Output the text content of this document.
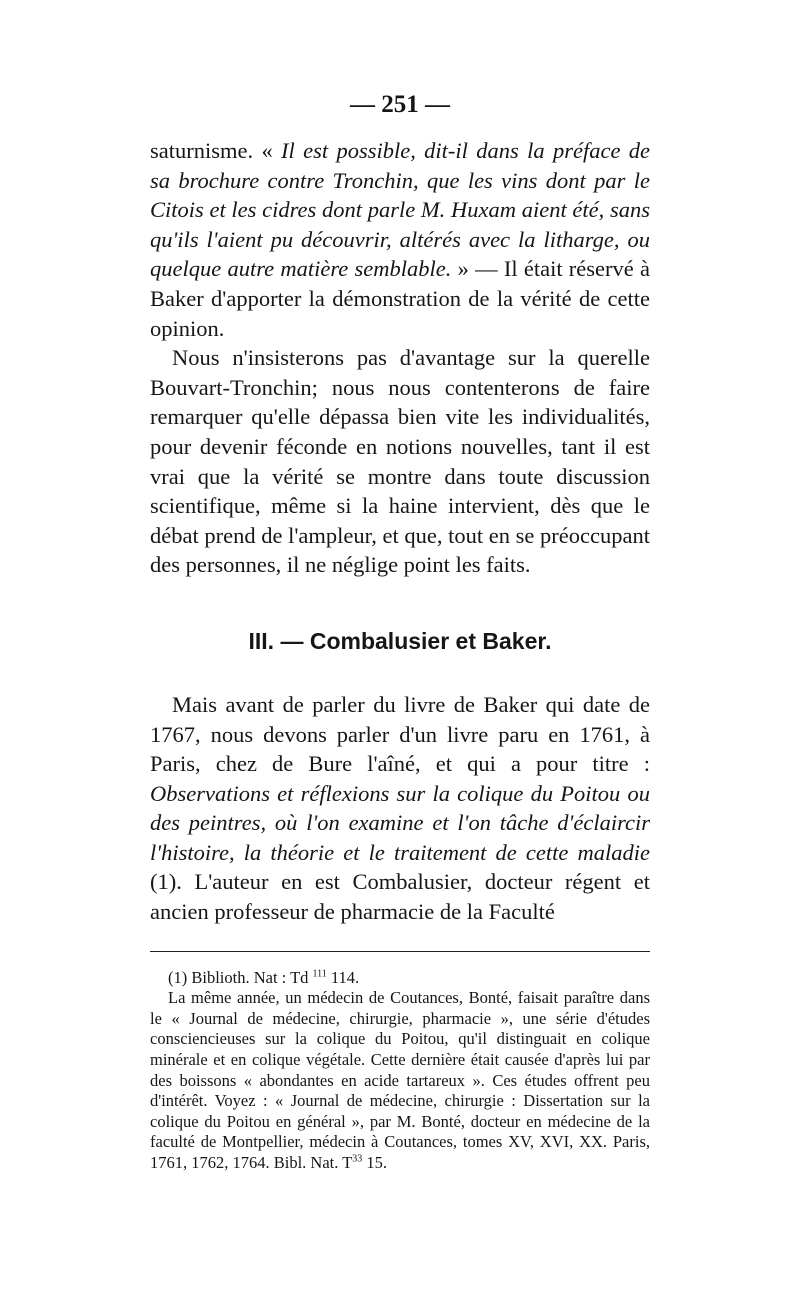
— 251 —

saturnisme. « Il est possible, dit-il dans la préface de sa brochure contre Tronchin, que les vins dont par le Citois et les cidres dont parle M. Huxam aient été, sans qu'ils l'aient pu découvrir, altérés avec la litharge, ou quelque autre matière semblable. » — Il était réservé à Baker d'apporter la démonstration de la vérité de cette opinion.

Nous n'insisterons pas d'avantage sur la querelle Bouvart-Tronchin; nous nous contenterons de faire remarquer qu'elle dépassa bien vite les individualités, pour devenir féconde en notions nouvelles, tant il est vrai que la vérité se montre dans toute discussion scientifique, même si la haine intervient, dès que le débat prend de l'ampleur, et que, tout en se préoccupant des personnes, il ne néglige point les faits.

III. — Combalusier et Baker.

Mais avant de parler du livre de Baker qui date de 1767, nous devons parler d'un livre paru en 1761, à Paris, chez de Bure l'aîné, et qui a pour titre : Observations et réflexions sur la colique du Poitou ou des peintres, où l'on examine et l'on tâche d'éclaircir l'histoire, la théorie et le traitement de cette maladie (1). L'auteur en est Combalusier, docteur régent et ancien professeur de pharmacie de la Faculté

(1) Biblioth. Nat : Td $^{111}$ 114.

La même année, un médecin de Coutances, Bonté, faisait paraître dans le « Journal de médecine, chirurgie, pharmacie », une série d'études consciencieuses sur la colique du Poitou, qu'il distinguait en colique minérale et en colique végétale. Cette dernière était causée d'après lui par des boissons « abondantes en acide tartareux ». Ces études offrent peu d'intérêt. Voyez : « Journal de médecine, chirurgie : Dissertation sur la colique du Poitou en général », par M. Bonté, docteur en médecine de la faculté de Montpellier, médecin à Coutances, tomes XV, XVI, XX. Paris, 1761, 1762, 1764. Bibl. Nat. $T^{33}$ 15.
